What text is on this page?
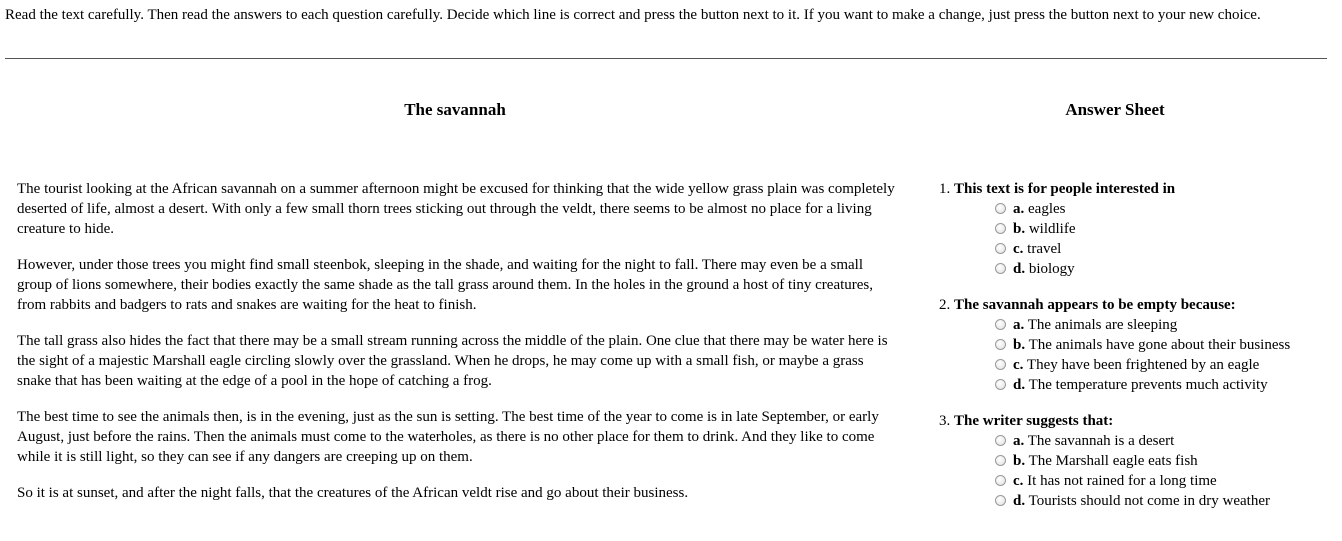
Read the text carefully. Then read the answers to each question carefully. Decide which line is correct and press the button next to it. If you want to make a change, just press the button next to your new choice.
The savannah

The tourist looking at the African savannah on a summer afternoon might be excused for thinking that the wide yellow grass plain was completely deserted of life, almost a desert. With only a few small thorn trees sticking out through the veldt, there seems to be almost no place for a living creature to hide.

However, under those trees you might find small steenbok, sleeping in the shade, and waiting for the night to fall. There may even be a small group of lions somewhere, their bodies exactly the same shade as the tall grass around them. In the holes in the ground a host of tiny creatures, from rabbits and badgers to rats and snakes are waiting for the heat to finish.

The tall grass also hides the fact that there may be a small stream running across the middle of the plain. One clue that there may be water here is the sight of a majestic Marshall eagle circling slowly over the grassland. When he drops, he may come up with a small fish, or maybe a grass snake that has been waiting at the edge of a pool in the hope of catching a frog.

The best time to see the animals then, is in the evening, just as the sun is setting. The best time of the year to come is in late September, or early August, just before the rains. Then the animals must come to the waterholes, as there is no other place for them to drink. And they like to come while it is still light, so they can see if any dangers are creeping up on them.

So it is at sunset, and after the night falls, that the creatures of the African veldt rise and go about their business.

Answer Sheet
1. This text is for people interested in
a. eagles
b. wildlife
c. travel
d. biology
2. The savannah appears to be empty because:
a. The animals are sleeping
b. The animals have gone about their business
c. They have been frightened by an eagle
d. The temperature prevents much activity
3. The writer suggests that:
a. The savannah is a desert
b. The Marshall eagle eats fish
c. It has not rained for a long time
d. Tourists should not come in dry weather
